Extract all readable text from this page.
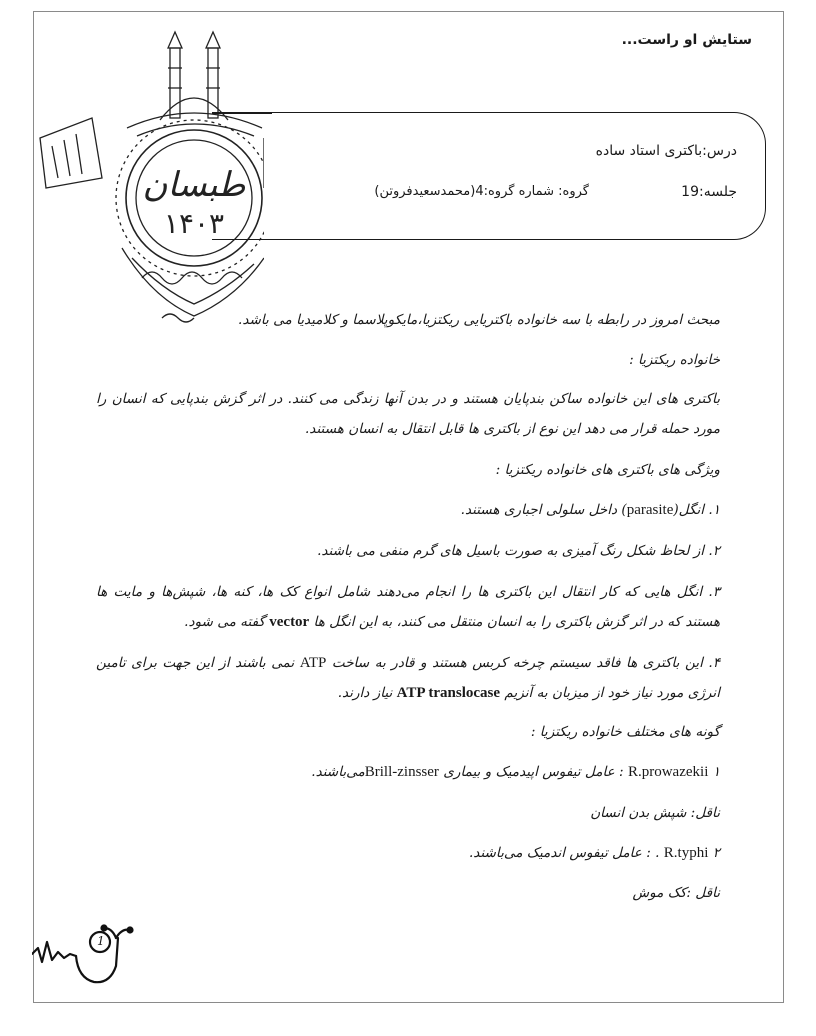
ستایش او راست...
طبسان
۱۴۰۳
درس:باکتری استاد ساده
جلسه:19
گروه: شماره گروه:4(محمدسعیدفروتن)
مبحث امروز در رابطه با سه خانواده باکتریایی ریکتزیا،مایکوپلاسما و کلامیدیا می باشد.
خانواده ریکتزیا :
باکتری های این خانواده ساکن بندپایان هستند و در بدن آنها زندگی می کنند. در اثر گزش بندپایی که انسان را
مورد حمله قرار می دهد این نوع از باکتری ها قابل انتقال به انسان هستند.
ویژگی های باکتری های خانواده ریکتزیا :
۱. انگل(parasite) داخل سلولی اجباری هستند.
۲. از لحاظ شکل رنگ آمیزی به صورت باسیل های گرم منفی می باشند.
۳. انگل هایی که کار انتقال این باکتری ها را انجام می‌دهند شامل انواع کک ها، کنه ها، شپش‌ها و مایت ها
هستند که در اثر گزش باکتری را به انسان منتقل می کنند، به این انگل ها vector گفته می شود.
۴. این باکتری ها فاقد سیستم چرخه کربس هستند و قادر به ساخت ATP نمی باشند از این جهت برای تامین
انرژی مورد نیاز خود از میزبان به آنزیم ATP translocase نیاز دارند.
گونه های مختلف خانواده ریکتزیا :
۱ R.prowazekii : عامل تیفوس اپیدمیک و بیماری Brill-zinsserمی‌باشند.
ناقل: شپش بدن انسان
۲ R.typhi . : عامل تیفوس اندمیک می‌باشند.
ناقل :کک موش
1
